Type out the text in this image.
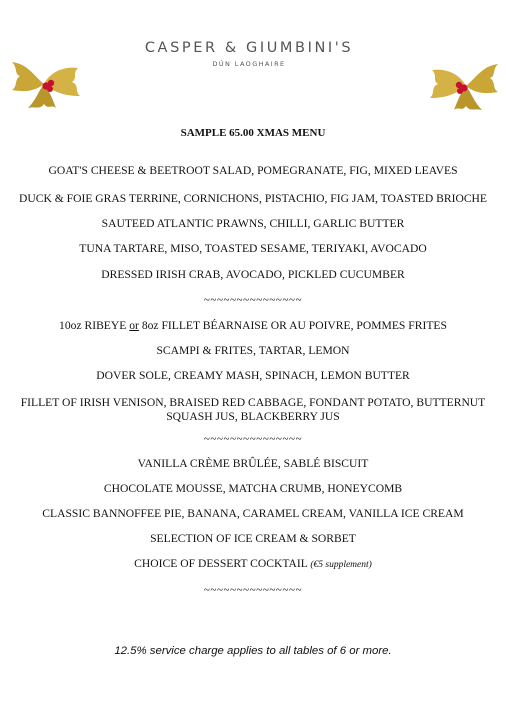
CASPER & GIUMBINI'S
DÚN LAOGHAIRE
SAMPLE 65.00 XMAS MENU
GOAT'S CHEESE & BEETROOT SALAD, POMEGRANATE, FIG, MIXED LEAVES
DUCK & FOIE GRAS TERRINE, CORNICHONS, PISTACHIO, FIG JAM, TOASTED BRIOCHE
SAUTEED ATLANTIC PRAWNS, CHILLI, GARLIC BUTTER
TUNA TARTARE, MISO, TOASTED SESAME, TERIYAKI, AVOCADO
DRESSED IRISH CRAB, AVOCADO, PICKLED CUCUMBER
~~~~~~~~~~~~~~~
10oz RIBEYE or 8oz FILLET BÉARNAISE OR AU POIVRE, POMMES FRITES
SCAMPI & FRITES, TARTAR, LEMON
DOVER SOLE, CREAMY MASH, SPINACH, LEMON BUTTER
FILLET OF IRISH VENISON, BRAISED RED CABBAGE, FONDANT POTATO, BUTTERNUT SQUASH JUS, BLACKBERRY JUS
~~~~~~~~~~~~~~~
VANILLA CRÈME BRÛLÉE, SABLÉ BISCUIT
CHOCOLATE MOUSSE, MATCHA CRUMB, HONEYCOMB
CLASSIC BANNOFFEE PIE, BANANA, CARAMEL CREAM, VANILLA ICE CREAM
SELECTION OF ICE CREAM & SORBET
CHOICE OF DESSERT COCKTAIL (€5 supplement)
~~~~~~~~~~~~~~~
12.5% service charge applies to all tables of 6 or more.
